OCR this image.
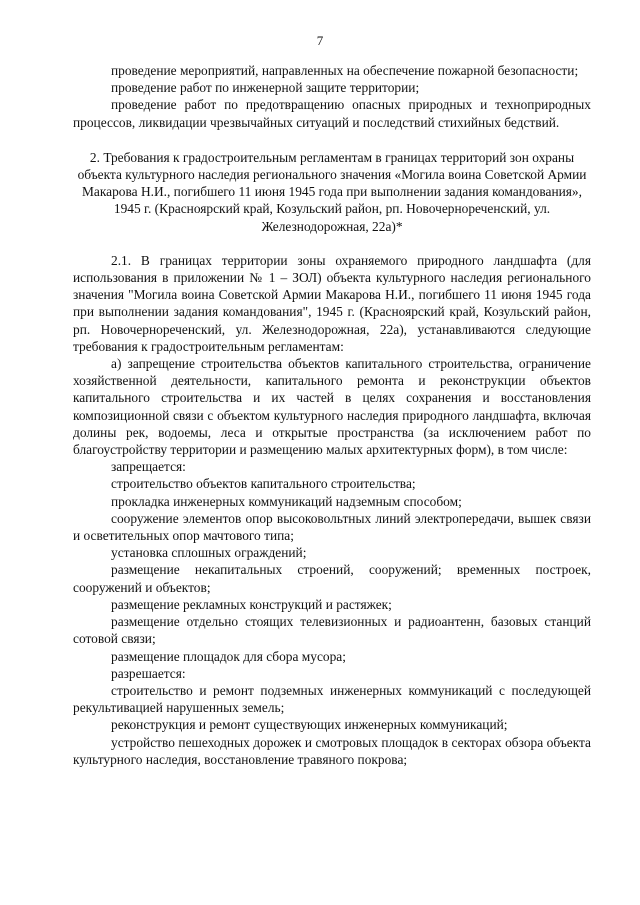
7

проведение мероприятий, направленных на обеспечение пожарной безопасности;

проведение работ по инженерной защите территории;

проведение работ по предотвращению опасных природных и техноприродных процессов, ликвидации чрезвычайных ситуаций и последствий стихийных бедствий.

2. Требования к градостроительным регламентам в границах территорий зон охраны объекта культурного наследия регионального значения «Могила воина Советской Армии Макарова Н.И., погибшего 11 июня 1945 года при выполнении задания командования», 1945 г. (Красноярский край, Козульский район, рп. Новочернореченский, ул. Железнодорожная, 22а)*

2.1. В границах территории зоны охраняемого природного ландшафта (для использования в приложении № 1 – ЗОЛ) объекта культурного наследия регионального значения "Могила воина Советской Армии Макарова Н.И., погибшего 11 июня 1945 года при выполнении задания командования", 1945 г. (Красноярский край, Козульский район, рп. Новочернореченский, ул. Железнодорожная, 22а), устанавливаются следующие требования к градостроительным регламентам:

а) запрещение строительства объектов капитального строительства, ограничение хозяйственной деятельности, капитального ремонта и реконструкции объектов капитального строительства и их частей в целях сохранения и восстановления композиционной связи с объектом культурного наследия природного ландшафта, включая долины рек, водоемы, леса и открытые пространства (за исключением работ по благоустройству территории и размещению малых архитектурных форм), в том числе:

запрещается:

строительство объектов капитального строительства;

прокладка инженерных коммуникаций надземным способом;

сооружение элементов опор высоковольтных линий электропередачи, вышек связи и осветительных опор мачтового типа;

установка сплошных ограждений;

размещение некапитальных строений, сооружений; временных построек, сооружений и объектов;

размещение рекламных конструкций и растяжек;

размещение отдельно стоящих телевизионных и радиоантенн, базовых станций сотовой связи;

размещение площадок для сбора мусора;

разрешается:

строительство и ремонт подземных инженерных коммуникаций с последующей рекультивацией нарушенных земель;

реконструкция и ремонт существующих инженерных коммуникаций;

устройство пешеходных дорожек и смотровых площадок в секторах обзора объекта культурного наследия, восстановление травяного покрова;
